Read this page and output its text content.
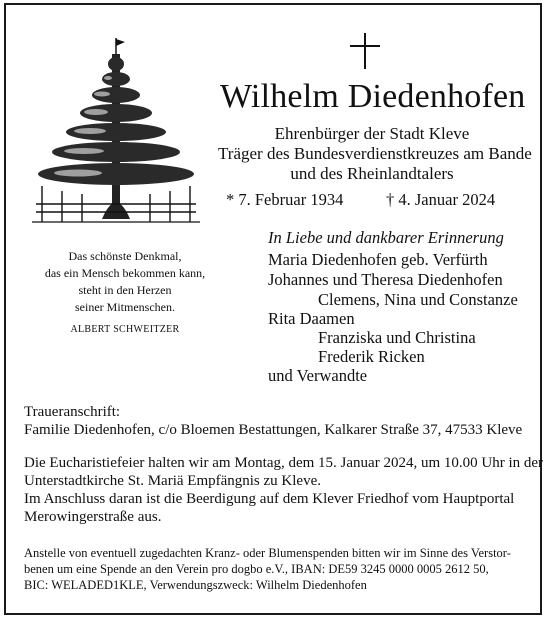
Wilhelm Diedenhofen
Ehrenbürger der Stadt Kleve
Träger des Bundesverdienstkreuzes am Bande
und des Rheinlandtalers
* 7. Februar 1934	† 4. Januar 2024
Das schönste Denkmal,
das ein Mensch bekommen kann,
steht in den Herzen
seiner Mitmenschen.
ALBERT SCHWEITZER
In Liebe und dankbarer Erinnerung
Maria Diedenhofen geb. Verfürth
Johannes und Theresa Diedenhofen
Clemens, Nina und Constanze
Rita Daamen
Franziska und Christina
Frederik Ricken
und Verwandte
Traueranschrift:
Familie Diedenhofen, c/o Bloemen Bestattungen, Kalkarer Straße 37, 47533 Kleve
Die Eucharistiefeier halten wir am Montag, dem 15. Januar 2024, um 10.00 Uhr in der
Unterstadtkirche St. Mariä Empfängnis zu Kleve.
Im Anschluss daran ist die Beerdigung auf dem Klever Friedhof vom Hauptportal
Merowingerstraße aus.
Anstelle von eventuell zugedachten Kranz- oder Blumenspenden bitten wir im Sinne des Verstor-
benen um eine Spende an den Verein pro dogbo e.V., IBAN: DE59 3245 0000 0005 2612 50,
BIC: WELADED1KLE, Verwendungszweck: Wilhelm Diedenhofen
